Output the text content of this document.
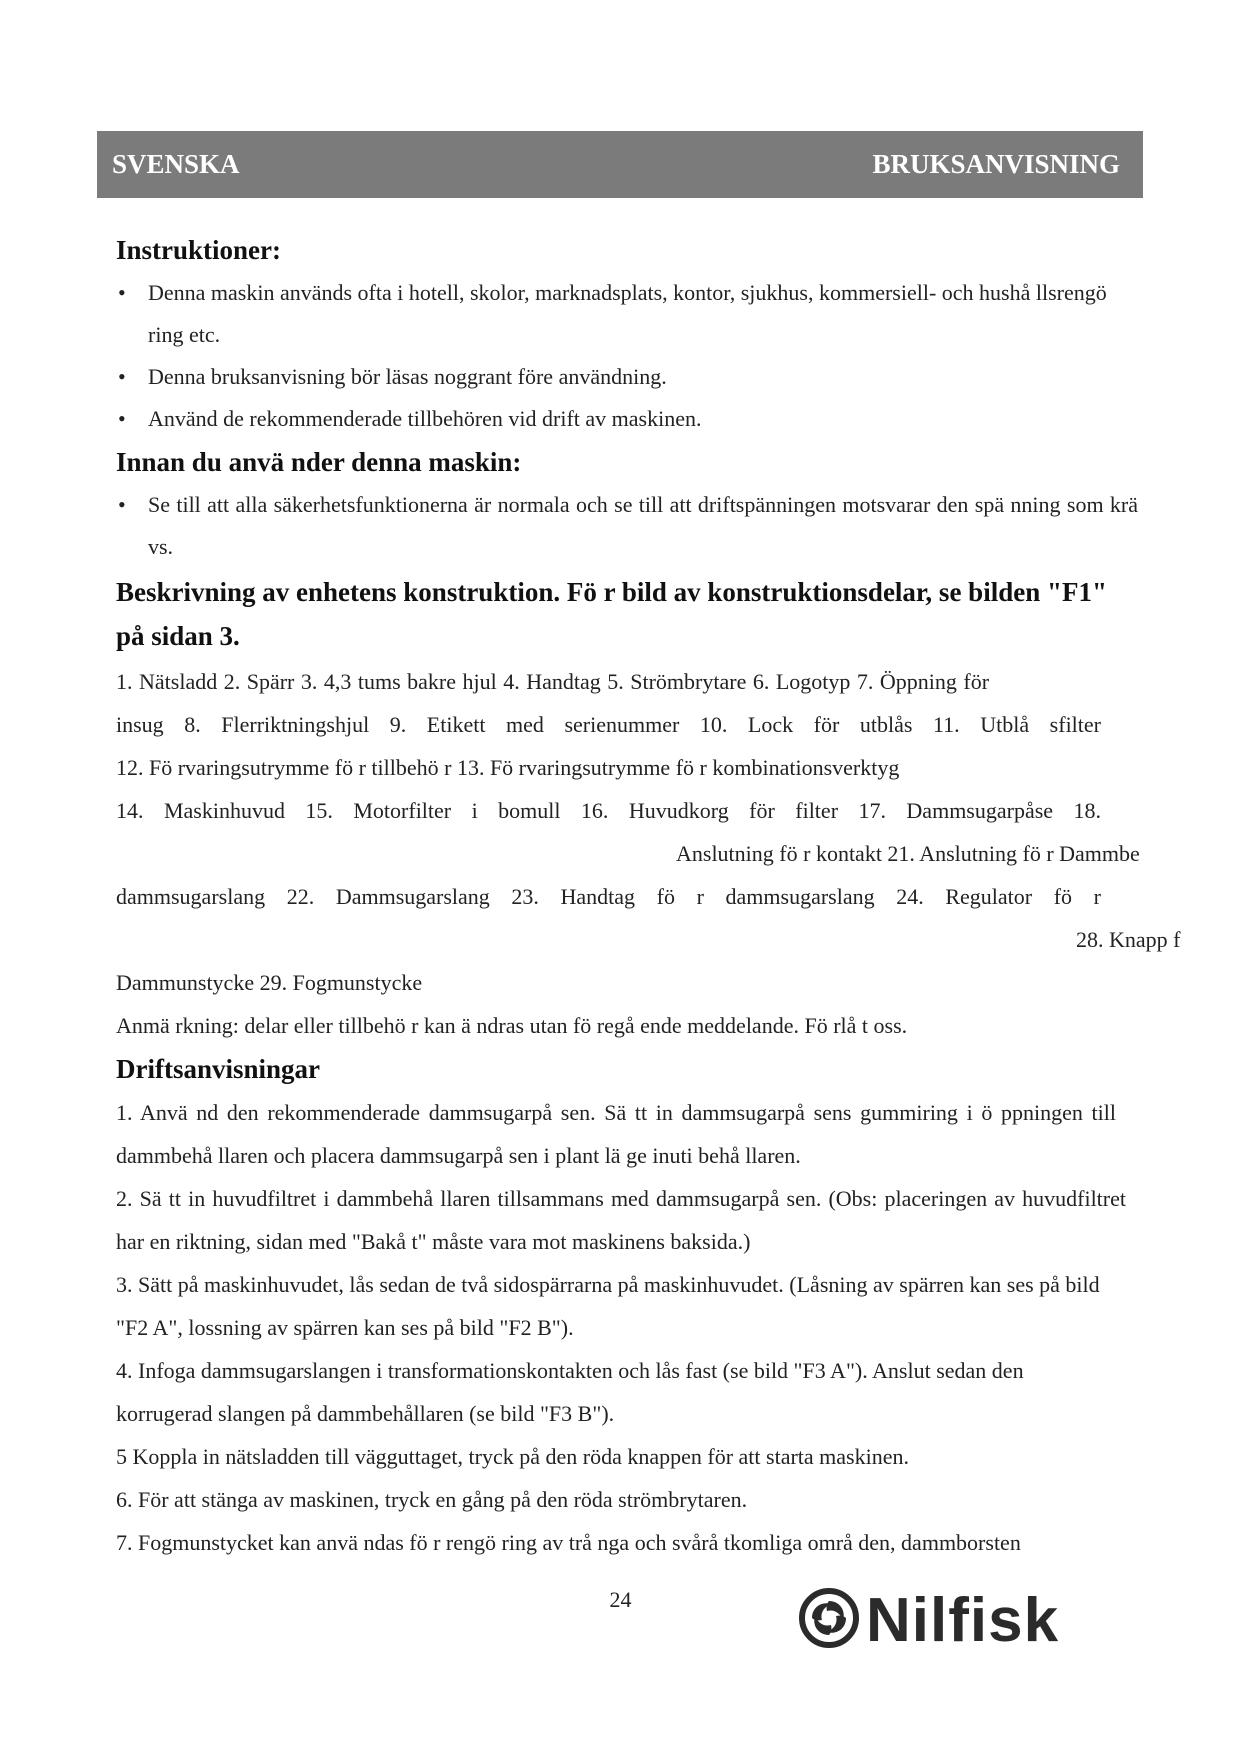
SVENSKA	BRUKSANVISNING
Instruktioner:
• Denna maskin används ofta i hotell, skolor, marknadsplats, kontor, sjukhus, kommersiell- och hushå llsrengö ring etc.
• Denna bruksanvisning bör läsas noggrant före användning.
• Använd de rekommenderade tillbehören vid drift av maskinen.
Innan du anvä nder denna maskin:
• Se till att alla säkerhetsfunktionerna är normala och se till att driftspänningen motsvarar den spä nning som krä vs.
Beskrivning av enhetens konstruktion. Fö r bild av konstruktionsdelar, se bilden "F1" på sidan 3.

1. Nätsladd 2. Spärr 3. 4,3 tums bakre hjul 4. Handtag 5. Strömbrytare 6. Logotyp 7. Öppning för

insug 8. Flerriktningshjul 9. Etikett med serienummer 10. Lock för utblås 11. Utblå sfilter

12. Fö rvaringsutrymme fö r tillbehö r 13. Fö rvaringsutrymme fö r kombinationsverktyg

14. Maskinhuvud 15. Motorfilter i bomull 16. Huvudkorg för filter 17. Dammsugarpåse 18.

Anslutning fö r kontakt 21. Anslutning fö r Dammbe

dammsugarslang 22. Dammsugarslang 23. Handtag fö r dammsugarslang 24. Regulator fö r

28. Knapp f

Dammunstycke 29. Fogmunstycke

Anmä rkning: delar eller tillbehö r kan ä ndras utan fö regå ende meddelande. Fö rlå t oss.

Driftsanvisningar

1. Anvä nd den rekommenderade dammsugarpå sen. Sä tt in dammsugarpå sens gummiring i ö ppningen till dammbehå llaren och placera dammsugarpå sen i plant lä ge inuti behå llaren.

2. Sä tt in huvudfiltret i dammbehå llaren tillsammans med dammsugarpå sen. (Obs: placeringen av huvudfiltret har en riktning, sidan med "Bakå t" måste vara mot maskinens baksida.)

3. Sätt på maskinhuvudet, lås sedan de två sidospärrarna på maskinhuvudet. (Låsning av spärren kan ses på bild "F2 A", lossning av spärren kan ses på bild "F2 B").

4. Infoga dammsugarslangen i transformationskontakten och lås fast (se bild "F3 A"). Anslut sedan den korrugerad slangen på dammbehållaren (se bild "F3 B").

5 Koppla in nätsladden till vägguttaget, tryck på den röda knappen för att starta maskinen.

6. För att stänga av maskinen, tryck en gång på den röda strömbrytaren.

7. Fogmunstycket kan anvä ndas fö r rengö ring av trå nga och svårå tkomliga områ den, dammborsten

24	Nilfisk
